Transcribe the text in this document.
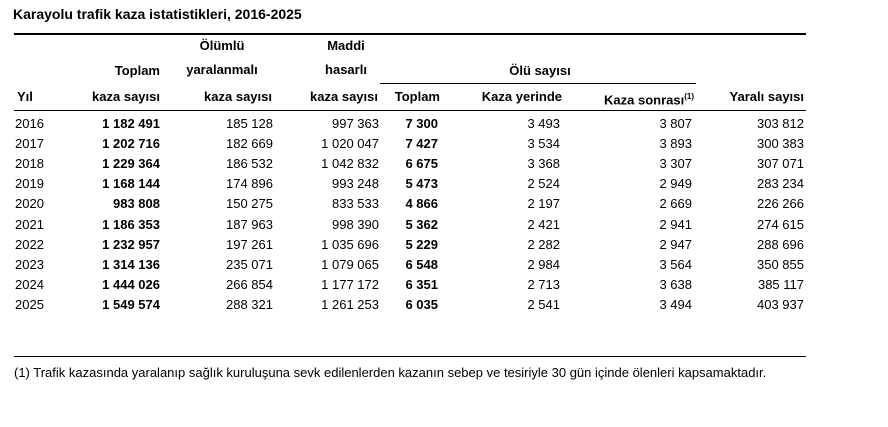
Karayolu trafik kaza istatistikleri, 2016-2025
Ölümlü	Maddi
yaralanmalı	hasarlı
Toplam	Ölü sayısı
Yıl	kaza sayısı	kaza sayısı	kaza sayısı	Toplam	Kaza yerinde	Kaza sonrası$^{(1)}$	Yaralı sayısı
2016	1 182 491	185 128	997 363	7 300	3 493	3 807	303 812
2017	1 202 716	182 669	1 020 047	7 427	3 534	3 893	300 383
2018	1 229 364	186 532	1 042 832	6 675	3 368	3 307	307 071
2019	1 168 144	174 896	993 248	5 473	2 524	2 949	283 234
2020	983 808	150 275	833 533	4 866	2 197	2 669	226 266
2021	1 186 353	187 963	998 390	5 362	2 421	2 941	274 615
2022	1 232 957	197 261	1 035 696	5 229	2 282	2 947	288 696
2023	1 314 136	235 071	1 079 065	6 548	2 984	3 564	350 855
2024	1 444 026	266 854	1 177 172	6 351	2 713	3 638	385 117
2025	1 549 574	288 321	1 261 253	6 035	2 541	3 494	403 937
(1) Trafik kazasında yaralanıp sağlık kuruluşuna sevk edilenlerden kazanın sebep ve tesiriyle 30 gün içinde ölenleri kapsamaktadır.
